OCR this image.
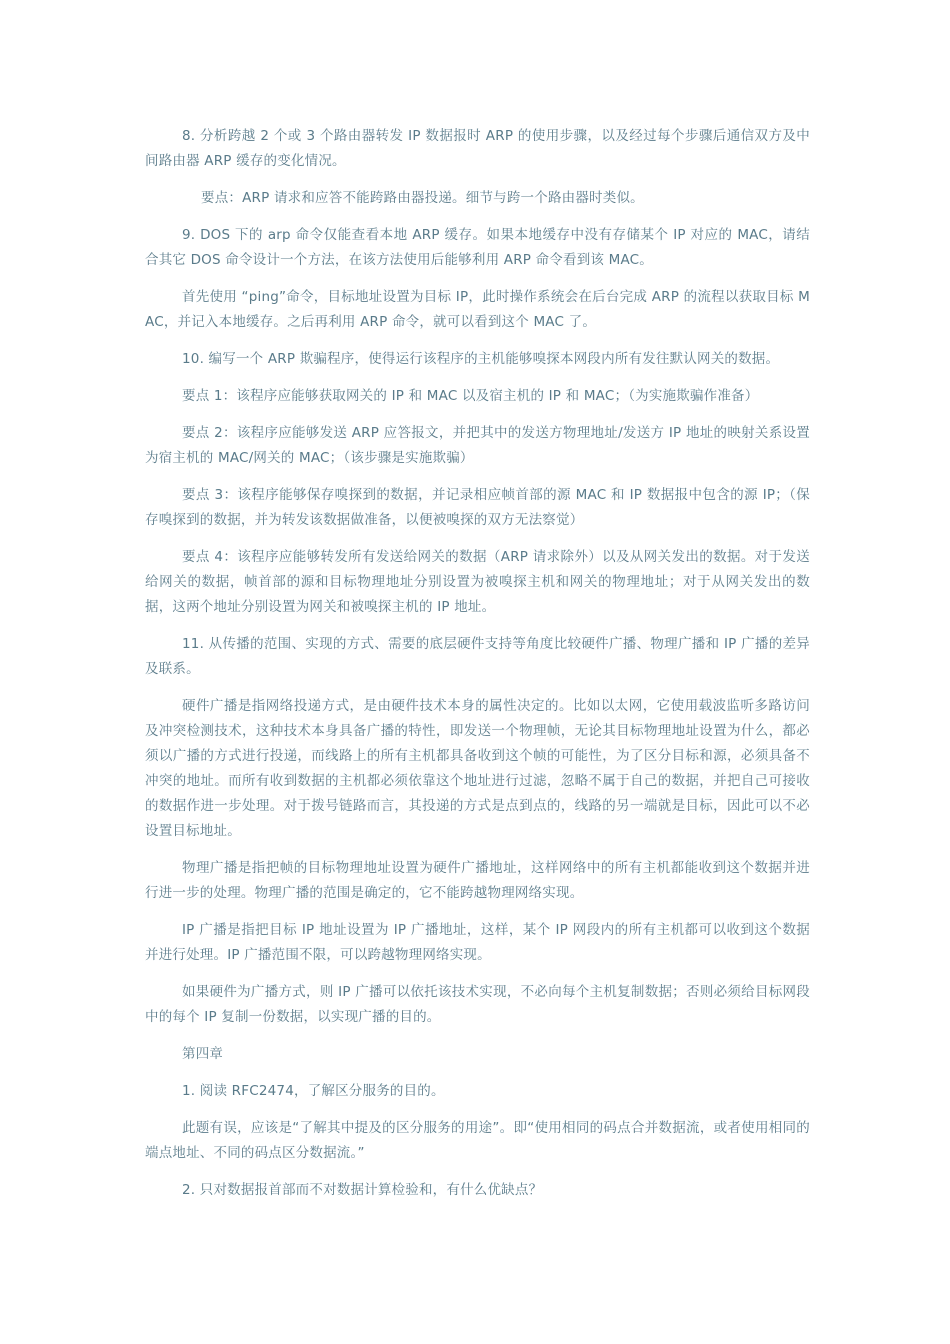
8. 分析跨越 2 个或 3 个路由器转发 IP 数据报时 ARP 的使用步骤，以及经过每个步骤后通信双方及中间路由器 ARP 缓存的变化情况。

要点：ARP 请求和应答不能跨路由器投递。细节与跨一个路由器时类似。

9. DOS 下的 arp 命令仅能查看本地 ARP 缓存。如果本地缓存中没有存储某个 IP 对应的 MAC，请结合其它 DOS 命令设计一个方法，在该方法使用后能够利用 ARP 命令看到该 MAC。

首先使用 “ping”命令，目标地址设置为目标 IP，此时操作系统会在后台完成 ARP 的流程以获取目标 MAC，并记入本地缓存。之后再利用 ARP 命令，就可以看到这个 MAC 了。

10. 编写一个 ARP 欺骗程序，使得运行该程序的主机能够嗅探本网段内所有发往默认网关的数据。

要点 1：该程序应能够获取网关的 IP 和 MAC 以及宿主机的 IP 和 MAC；（为实施欺骗作准备）

要点 2：该程序应能够发送 ARP 应答报文，并把其中的发送方物理地址/发送方 IP 地址的映射关系设置为宿主机的 MAC/网关的 MAC；（该步骤是实施欺骗）

要点 3：该程序能够保存嗅探到的数据，并记录相应帧首部的源 MAC 和 IP 数据报中包含的源 IP；（保存嗅探到的数据，并为转发该数据做准备，以便被嗅探的双方无法察觉）

要点 4：该程序应能够转发所有发送给网关的数据（ARP 请求除外）以及从网关发出的数据。对于发送给网关的数据，帧首部的源和目标物理地址分别设置为被嗅探主机和网关的物理地址；对于从网关发出的数据，这两个地址分别设置为网关和被嗅探主机的 IP 地址。

11. 从传播的范围、实现的方式、需要的底层硬件支持等角度比较硬件广播、物理广播和 IP 广播的差异及联系。

硬件广播是指网络投递方式，是由硬件技术本身的属性决定的。比如以太网，它使用载波监听多路访问及冲突检测技术，这种技术本身具备广播的特性，即发送一个物理帧，无论其目标物理地址设置为什么，都必须以广播的方式进行投递，而线路上的所有主机都具备收到这个帧的可能性，为了区分目标和源，必须具备不冲突的地址。而所有收到数据的主机都必须依靠这个地址进行过滤，忽略不属于自己的数据，并把自己可接收的数据作进一步处理。对于拨号链路而言，其投递的方式是点到点的，线路的另一端就是目标，因此可以不必设置目标地址。

物理广播是指把帧的目标物理地址设置为硬件广播地址，这样网络中的所有主机都能收到这个数据并进行进一步的处理。物理广播的范围是确定的，它不能跨越物理网络实现。

IP 广播是指把目标 IP 地址设置为 IP 广播地址，这样，某个 IP 网段内的所有主机都可以收到这个数据并进行处理。IP 广播范围不限，可以跨越物理网络实现。

如果硬件为广播方式，则 IP 广播可以依托该技术实现，不必向每个主机复制数据；否则必须给目标网段中的每个 IP 复制一份数据，以实现广播的目的。

第四章

1. 阅读 RFC2474，了解区分服务的目的。

此题有误，应该是“了解其中提及的区分服务的用途”。即“使用相同的码点合并数据流，或者使用相同的端点地址、不同的码点区分数据流。”

2. 只对数据报首部而不对数据计算检验和，有什么优缺点？
